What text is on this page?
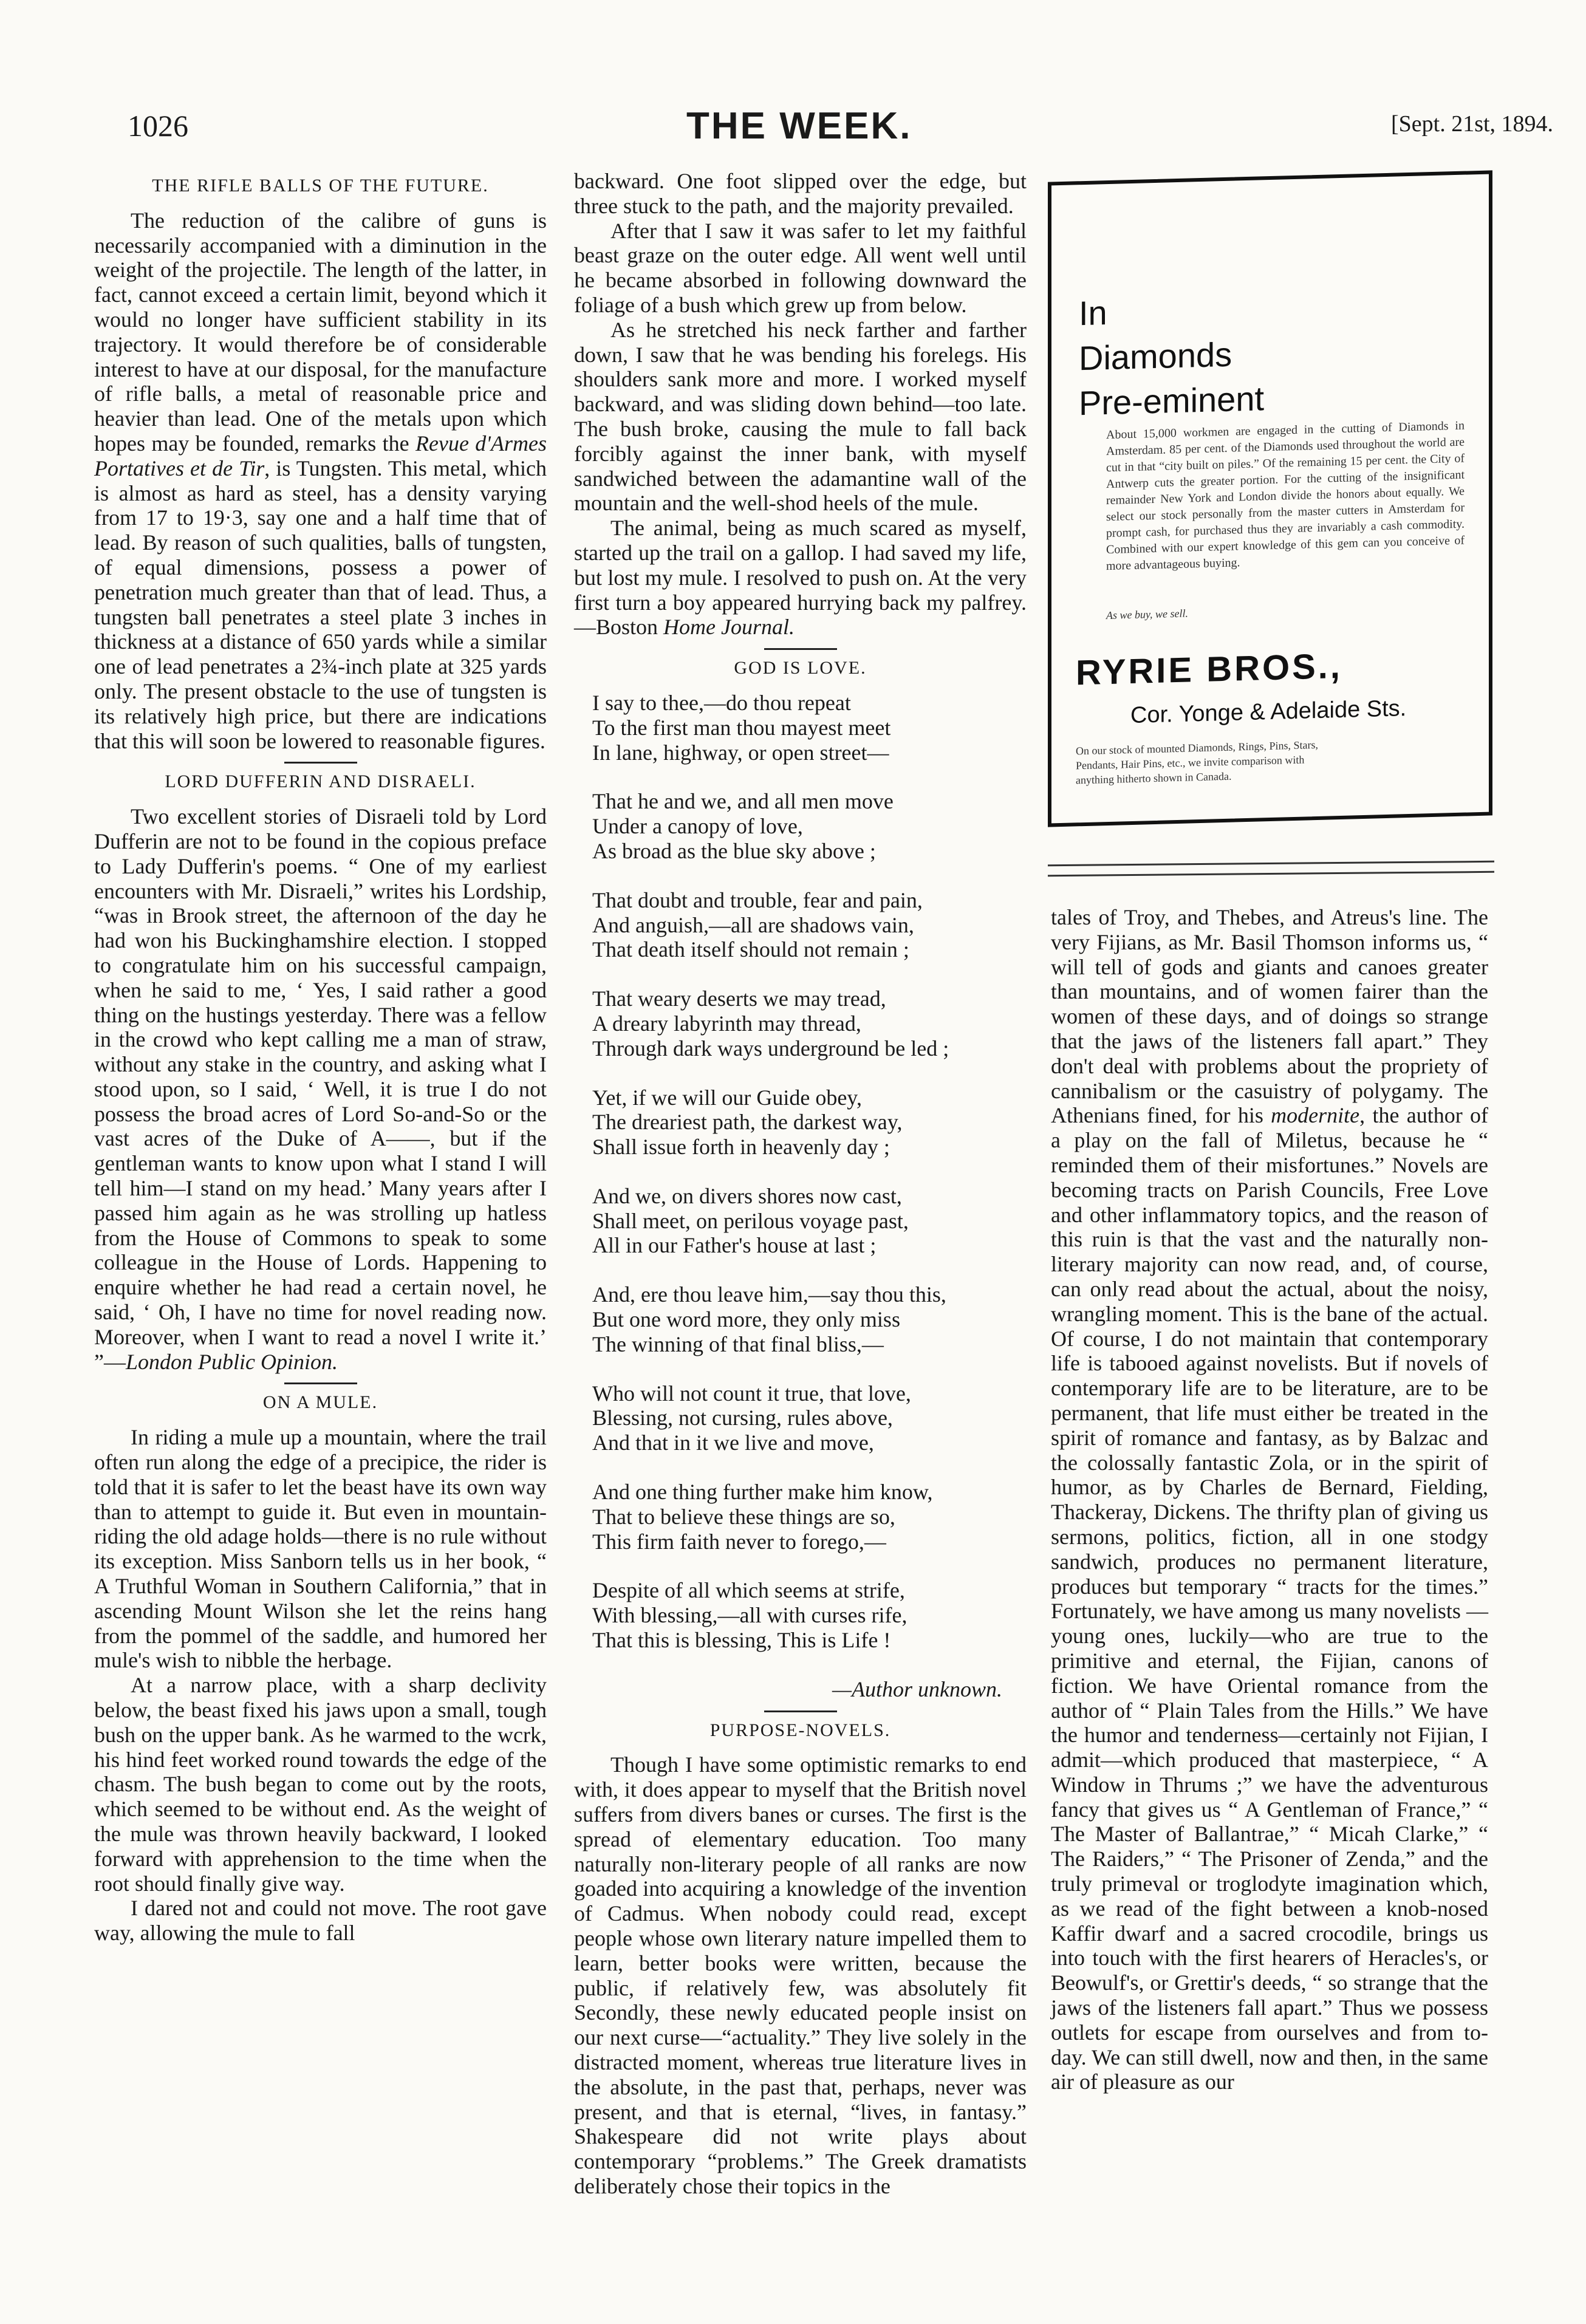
1026	THE WEEK.	[Sept. 21st, 1894.
THE RIFLE BALLS OF THE FUTURE.

The reduction of the calibre of guns is necessarily accompanied with a diminution in the weight of the projectile. The length of the latter, in fact, cannot exceed a certain limit, beyond which it would no longer have sufficient stability in its trajectory. It would therefore be of considerable interest to have at our disposal, for the manufacture of rifle balls, a metal of reasonable price and heavier than lead. One of the metals upon which hopes may be founded, remarks the Revue d'Armes Portatives et de Tir, is Tungsten. This metal, which is almost as hard as steel, has a density varying from 17 to 19·3, say one and a half time that of lead. By reason of such qualities, balls of tungsten, of equal dimensions, possess a power of penetration much greater than that of lead. Thus, a tungsten ball penetrates a steel plate 3 inches in thickness at a distance of 650 yards while a similar one of lead penetrates a 2¾-inch plate at 325 yards only. The present obstacle to the use of tungsten is its relatively high price, but there are indications that this will soon be lowered to reasonable figures.

LORD DUFFERIN AND DISRAELI.

Two excellent stories of Disraeli told by Lord Dufferin are not to be found in the copious preface to Lady Dufferin's poems. “ One of my earliest encounters with Mr. Disraeli,” writes his Lordship, “was in Brook street, the afternoon of the day he had won his Buckinghamshire election. I stopped to congratulate him on his successful campaign, when he said to me, ‘ Yes, I said rather a good thing on the hustings yesterday. There was a fellow in the crowd who kept calling me a man of straw, without any stake in the country, and asking what I stood upon, so I said, ‘ Well, it is true I do not possess the broad acres of Lord So-and-So or the vast acres of the Duke of A——, but if the gentleman wants to know upon what I stand I will tell him—I stand on my head.’ Many years after I passed him again as he was strolling up hatless from the House of Commons to speak to some colleague in the House of Lords. Happening to enquire whether he had read a certain novel, he said, ‘ Oh, I have no time for novel reading now. Moreover, when I want to read a novel I write it.’ ”—London Public Opinion.

ON A MULE.

In riding a mule up a mountain, where the trail often run along the edge of a precipice, the rider is told that it is safer to let the beast have its own way than to attempt to guide it. But even in mountain-riding the old adage holds—there is no rule without its exception. Miss Sanborn tells us in her book, “ A Truthful Woman in Southern California,” that in ascending Mount Wilson she let the reins hang from the pommel of the saddle, and humored her mule's wish to nibble the herbage.

At a narrow place, with a sharp declivity below, the beast fixed his jaws upon a small, tough bush on the upper bank. As he warmed to the wcrk, his hind feet worked round towards the edge of the chasm. The bush began to come out by the roots, which seemed to be without end. As the weight of the mule was thrown heavily backward, I looked forward with apprehension to the time when the root should finally give way.

I dared not and could not move. The root gave way, allowing the mule to fall

backward. One foot slipped over the edge, but three stuck to the path, and the majority prevailed.

After that I saw it was safer to let my faithful beast graze on the outer edge. All went well until he became absorbed in following downward the foliage of a bush which grew up from below.

As he stretched his neck farther and farther down, I saw that he was bending his forelegs. His shoulders sank more and more. I worked myself backward, and was sliding down behind—too late. The bush broke, causing the mule to fall back forcibly against the inner bank, with myself sandwiched between the adamantine wall of the mountain and the well-shod heels of the mule.

The animal, being as much scared as myself, started up the trail on a gallop. I had saved my life, but lost my mule. I resolved to push on. At the very first turn a boy appeared hurrying back my palfrey. —Boston Home Journal.

GOD IS LOVE.
I say to thee,—do thou repeat
To the first man thou mayest meet
In lane, highway, or open street—
That he and we, and all men move
Under a canopy of love,
As broad as the blue sky above ;
That doubt and trouble, fear and pain,
And anguish,—all are shadows vain,
That death itself should not remain ;
That weary deserts we may tread,
A dreary labyrinth may thread,
Through dark ways underground be led ;
Yet, if we will our Guide obey,
The dreariest path, the darkest way,
Shall issue forth in heavenly day ;
And we, on divers shores now cast,
Shall meet, on perilous voyage past,
All in our Father's house at last ;
And, ere thou leave him,—say thou this,
But one word more, they only miss
The winning of that final bliss,—
Who will not count it true, that love,
Blessing, not cursing, rules above,
And that in it we live and move,
And one thing further make him know,
That to believe these things are so,
This firm faith never to forego,—
Despite of all which seems at strife,
With blessing,—all with curses rife,
That this is blessing, This is Life !
—Author unknown.
PURPOSE-NOVELS.

Though I have some optimistic remarks to end with, it does appear to myself that the British novel suffers from divers banes or curses. The first is the spread of elementary education. Too many naturally non-literary people of all ranks are now goaded into acquiring a knowledge of the invention of Cadmus. When nobody could read, except people whose own literary nature impelled them to learn, better books were written, because the public, if relatively few, was absolutely fit Secondly, these newly educated people insist on our next curse—“actuality.” They live solely in the distracted moment, whereas true literature lives in the absolute, in the past that, perhaps, never was present, and that is eternal, “lives, in fantasy.” Shakespeare did not write plays about contemporary “problems.” The Greek dramatists deliberately chose their topics in the

In
Diamonds
Pre-eminent
About 15,000 workmen are engaged in the cutting of Diamonds in Amsterdam. 85 per cent. of the Diamonds used throughout the world are cut in that “city built on piles.” Of the remaining 15 per cent. the City of Antwerp cuts the greater portion. For the cutting of the insignificant remainder New York and London divide the honors about equally. We select our stock personally from the master cutters in Amsterdam for prompt cash, for purchased thus they are invariably a cash commodity. Combined with our expert knowledge of this gem can you conceive of more advantageous buying.
As we buy, we sell.
RYRIE BROS.,
Cor. Yonge & Adelaide Sts.
On our stock of mounted Diamonds, Rings, Pins, Stars, Pendants, Hair Pins, etc., we invite comparison with anything hitherto shown in Canada.

tales of Troy, and Thebes, and Atreus's line. The very Fijians, as Mr. Basil Thomson informs us, “ will tell of gods and giants and canoes greater than mountains, and of women fairer than the women of these days, and of doings so strange that the jaws of the listeners fall apart.” They don't deal with problems about the propriety of cannibalism or the casuistry of polygamy. The Athenians fined, for his modernite, the author of a play on the fall of Miletus, because he “ reminded them of their misfortunes.” Novels are becoming tracts on Parish Councils, Free Love and other inflammatory topics, and the reason of this ruin is that the vast and the naturally non-literary majority can now read, and, of course, can only read about the actual, about the noisy, wrangling moment. This is the bane of the actual. Of course, I do not maintain that contemporary life is tabooed against novelists. But if novels of contemporary life are to be literature, are to be permanent, that life must either be treated in the spirit of romance and fantasy, as by Balzac and the colossally fantastic Zola, or in the spirit of humor, as by Charles de Bernard, Fielding, Thackeray, Dickens. The thrifty plan of giving us sermons, politics, fiction, all in one stodgy sandwich, produces no permanent literature, produces but temporary “ tracts for the times.” Fortunately, we have among us many novelists —young ones, luckily—who are true to the primitive and eternal, the Fijian, canons of fiction. We have Oriental romance from the author of “ Plain Tales from the Hills.” We have the humor and tenderness—certainly not Fijian, I admit—which produced that masterpiece, “ A Window in Thrums ;” we have the adventurous fancy that gives us “ A Gentleman of France,” “ The Master of Ballantrae,” “ Micah Clarke,” “ The Raiders,” “ The Prisoner of Zenda,” and the truly primeval or troglodyte imagination which, as we read of the fight between a knob-nosed Kaffir dwarf and a sacred crocodile, brings us into touch with the first hearers of Heracles's, or Beowulf's, or Grettir's deeds, “ so strange that the jaws of the listeners fall apart.” Thus we possess outlets for escape from ourselves and from to-day. We can still dwell, now and then, in the same air of pleasure as our
